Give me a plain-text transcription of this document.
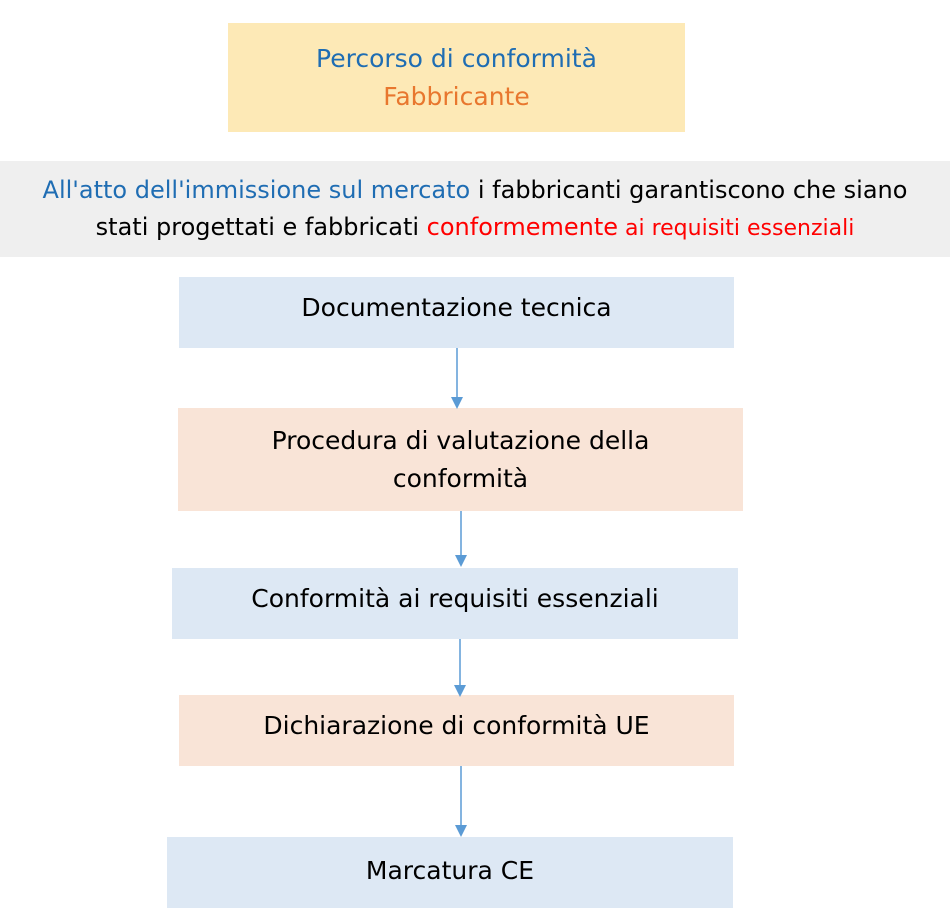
Percorso di conformità
Fabbricante
All'atto dell'immissione sul mercato i fabbricanti garantiscono che siano stati progettati e fabbricati conformemente ai requisiti essenziali
Documentazione tecnica
Procedura di valutazione della conformità
Conformità ai requisiti essenziali
Dichiarazione di conformità UE
Marcatura CE
